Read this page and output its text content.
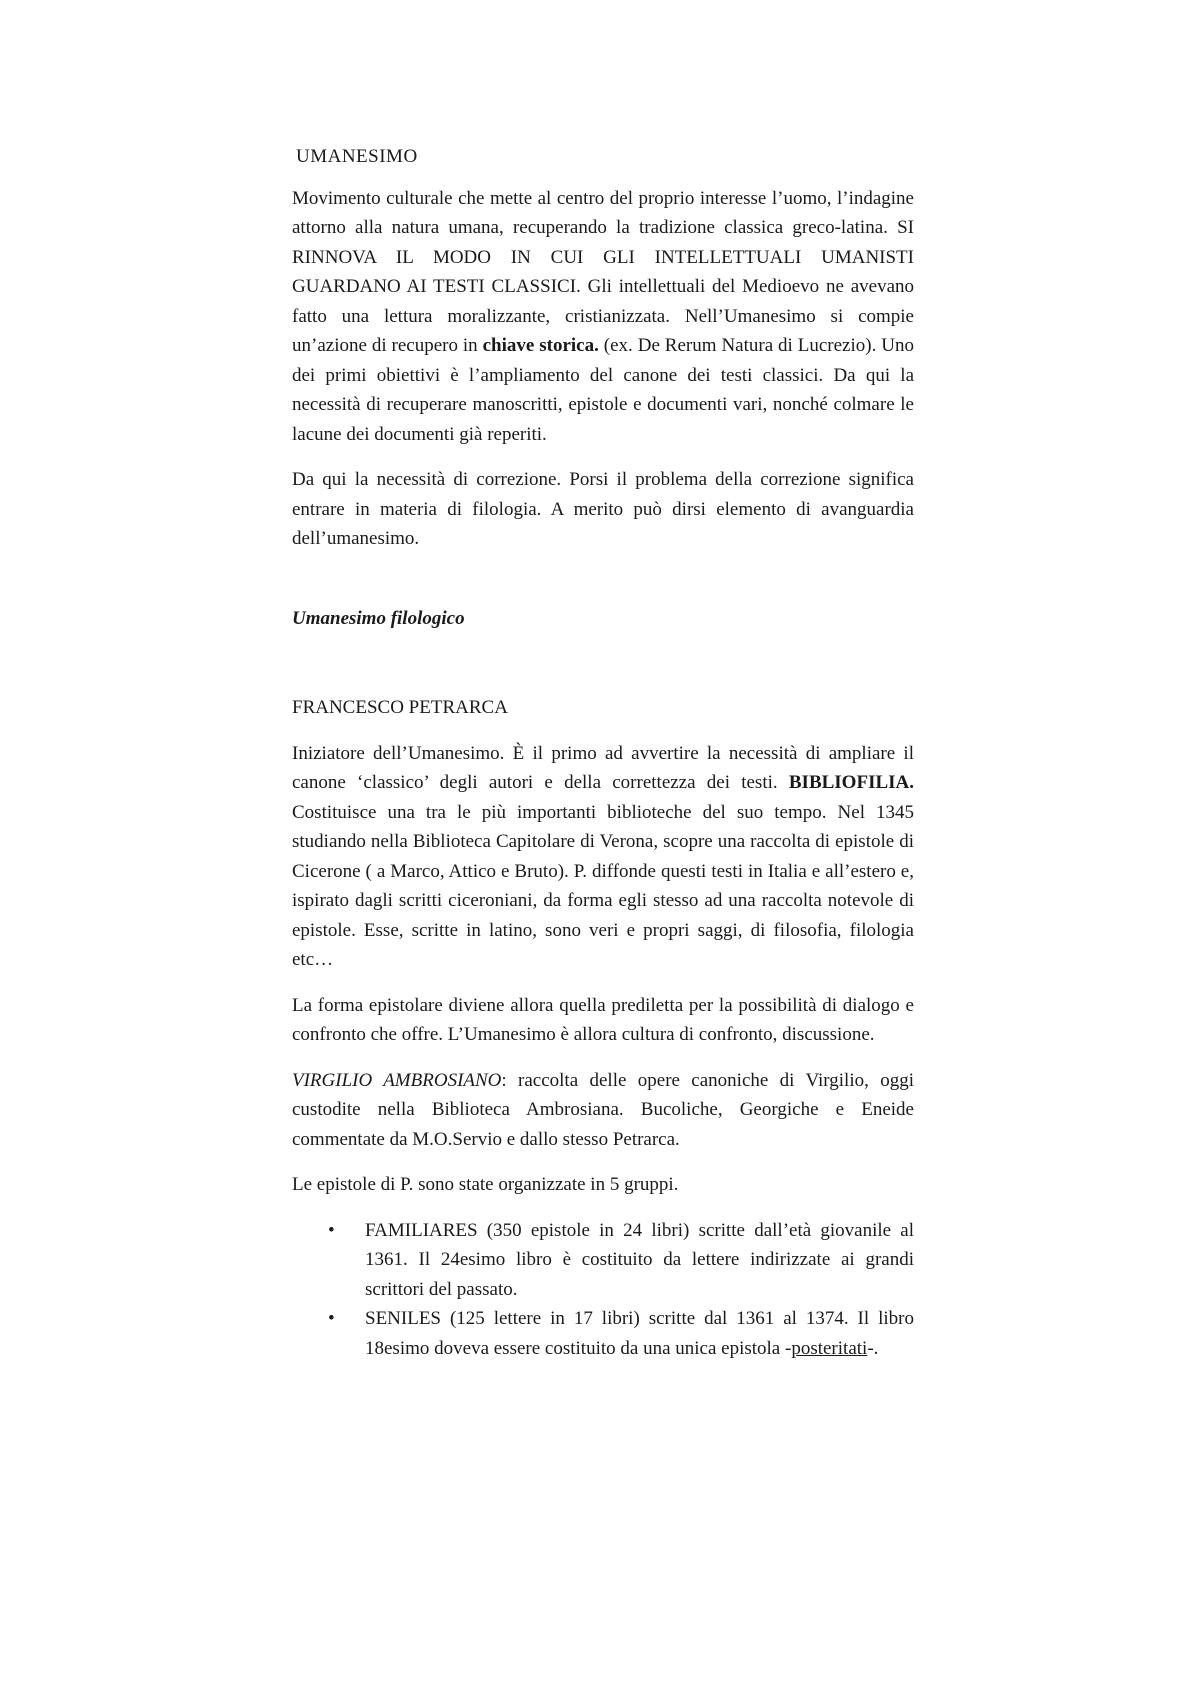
UMANESIMO

Movimento culturale che mette al centro del proprio interesse l’uomo, l’indagine attorno alla natura umana, recuperando la tradizione classica greco-latina. SI RINNOVA IL MODO IN CUI GLI INTELLETTUALI UMANISTI GUARDANO AI TESTI CLASSICI. Gli intellettuali del Medioevo ne avevano fatto una lettura moralizzante, cristianizzata. Nell’Umanesimo si compie un’azione di recupero in chiave storica. (ex. De Rerum Natura di Lucrezio). Uno dei primi obiettivi è l’ampliamento del canone dei testi classici. Da qui la necessità di recuperare manoscritti, epistole e documenti vari, nonché colmare le lacune dei documenti già reperiti.

Da qui la necessità di correzione. Porsi il problema della correzione significa entrare in materia di filologia. A merito può dirsi elemento di avanguardia dell’umanesimo.

Umanesimo filologico

FRANCESCO PETRARCA

Iniziatore dell’Umanesimo. È il primo ad avvertire la necessità di ampliare il canone ‘classico’ degli autori e della correttezza dei testi. BIBLIOFILIA. Costituisce una tra le più importanti biblioteche del suo tempo. Nel 1345 studiando nella Biblioteca Capitolare di Verona, scopre una raccolta di epistole di Cicerone ( a Marco, Attico e Bruto). P. diffonde questi testi in Italia e all’estero e, ispirato dagli scritti ciceroniani, da forma egli stesso ad una raccolta notevole di epistole. Esse, scritte in latino, sono veri e propri saggi, di filosofia, filologia etc…

La forma epistolare diviene allora quella prediletta per la possibilità di dialogo e confronto che offre. L’Umanesimo è allora cultura di confronto, discussione.

VIRGILIO AMBROSIANO: raccolta delle opere canoniche di Virgilio, oggi custodite nella Biblioteca Ambrosiana. Bucoliche, Georgiche e Eneide commentate da M.O.Servio e dallo stesso Petrarca.

Le epistole di P. sono state organizzate in 5 gruppi.

• FAMILIARES (350 epistole in 24 libri) scritte dall’età giovanile al 1361. Il 24esimo libro è costituito da lettere indirizzate ai grandi scrittori del passato.
• SENILES (125 lettere in 17 libri) scritte dal 1361 al 1374. Il libro 18esimo doveva essere costituito da una unica epistola -posteritati-.
